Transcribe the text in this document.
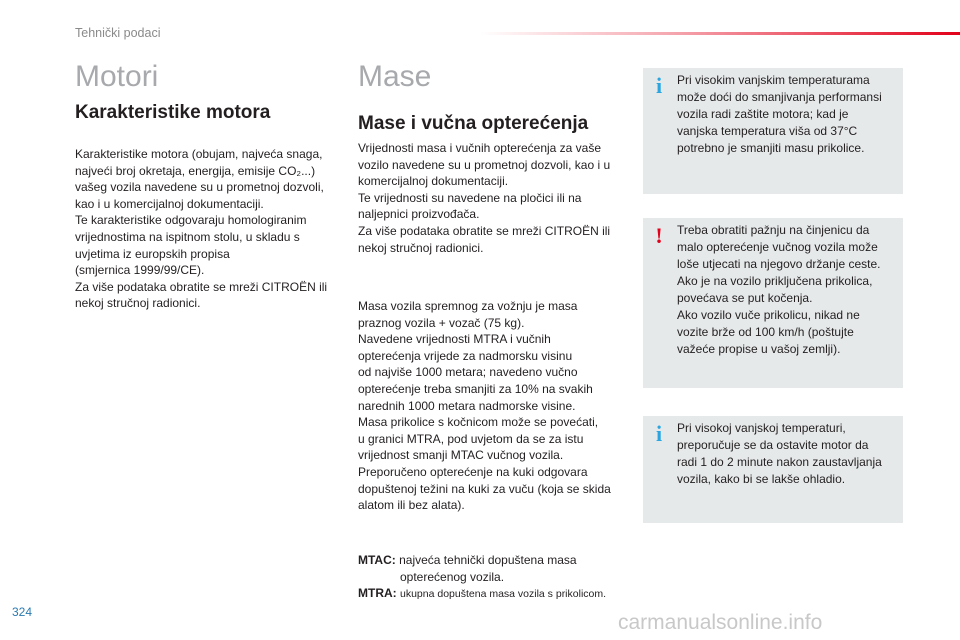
Tehnički podaci
Motori
Karakteristike motora
Karakteristike motora (obujam, najveća snaga,
najveći broj okretaja, energija, emisije CO₂...)
vašeg vozila navedene su u prometnoj dozvoli,
kao i u komercijalnoj dokumentaciji.
Te karakteristike odgovaraju homologiranim
vrijednostima na ispitnom stolu, u skladu s
uvjetima iz europskih propisa
(smjernica 1999/99/CE).
Za više podataka obratite se mreži CITROËN ili
nekoj stručnoj radionici.
Mase
Mase i vučna opterećenja
Vrijednosti masa i vučnih opterećenja za vaše
vozilo navedene su u prometnoj dozvoli, kao i u
komercijalnoj dokumentaciji.
Te vrijednosti su navedene na pločici ili na
naljepnici proizvođača.
Za više podataka obratite se mreži CITROËN ili
nekoj stručnoj radionici.
Masa vozila spremnog za vožnju je masa
praznog vozila + vozač (75 kg).
Navedene vrijednosti MTRA i vučnih
opterećenja vrijede za nadmorsku visinu
od najviše 1000 metara; navedeno vučno
opterećenje treba smanjiti za 10% na svakih
narednih 1000 metara nadmorske visine.
Masa prikolice s kočnicom može se povećati,
u granici MTRA, pod uvjetom da se za istu
vrijednost smanji MTAC vučnog vozila.
Preporučeno opterećenje na kuki odgovara
dopuštenoj težini na kuki za vuču (koja se skida
alatom ili bez alata).
MTAC: najveća tehnički dopuštena masa
opterećenog vozila.
MTRA: ukupna dopuštena masa vozila s prikolicom.
i	Pri visokim vanjskim temperaturama
može doći do smanjivanja performansi
vozila radi zaštite motora; kad je
vanjska temperatura viša od 37°C
potrebno je smanjiti masu prikolice.
! Treba obratiti pažnju na činjenicu da
malo opterećenje vučnog vozila može
loše utjecati na njegovo držanje ceste.
Ako je na vozilo priključena prikolica,
povećava se put kočenja.
Ako vozilo vuče prikolicu, nikad ne
vozite brže od 100 km/h (poštujte
važeće propise u vašoj zemlji).
i	Pri visokoj vanjskoj temperaturi,
preporučuje se da ostavite motor da
radi 1 do 2 minute nakon zaustavljanja
vozila, kako bi se lakše ohladio.
324	carmanualsonline.info
